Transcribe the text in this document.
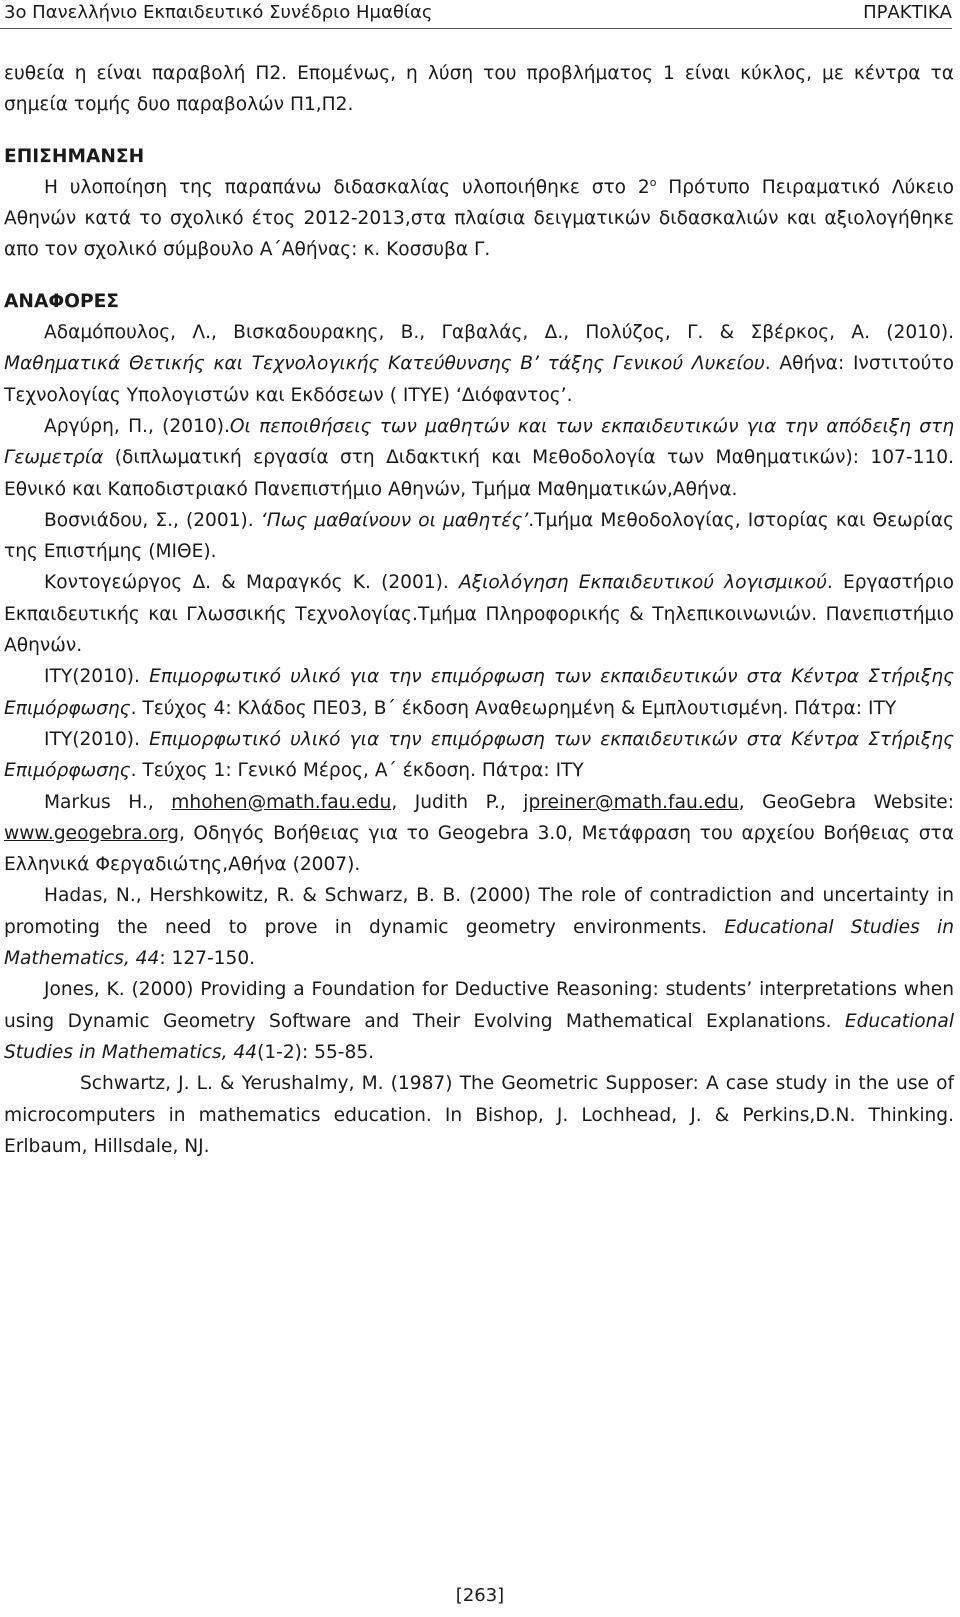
3ο Πανελλήνιο Εκπαιδευτικό Συνέδριο Ημαθίας	ΠΡΑΚΤΙΚΑ

ευθεία η είναι παραβολή Π2. Επομένως, η λύση του προβλήματος 1 είναι κύκλος, με κέντρα τα σημεία τομής δυο παραβολών Π1,Π2.

ΕΠΙΣΗΜΑΝΣΗ

Η υλοποίηση της παραπάνω διδασκαλίας υλοποιήθηκε στο $2^o$ Πρότυπο Πειραματικό Λύκειο Αθηνών κατά το σχολικό έτος 2012-2013,στα πλαίσια δειγματικών διδασκαλιών και αξιολογήθηκε απο τον σχολικό σύμβουλο Α΄Αθήνας: κ. Κοσσυβα Γ.

ΑΝΑΦΟΡΕΣ

Αδαμόπουλος, Λ., Βισκαδουρακης, Β., Γαβαλάς, Δ., Πολύζος, Γ. & Σβέρκος, Α. (2010). Μαθηματικά Θετικής και Τεχνολογικής Κατεύθυνσης Β’ τάξης Γενικού Λυκείου. Αθήνα: Ινστιτούτο Τεχνολογίας Υπολογιστών και Εκδόσεων ( ΙΤΥΕ) ‘Διόφαντος’.

Αργύρη, Π., (2010).Οι πεποιθήσεις των μαθητών και των εκπαιδευτικών για την απόδειξη στη Γεωμετρία (διπλωματική εργασία στη Διδακτική και Μεθοδολογία των Μαθηματικών): 107-110. Εθνικό και Καποδιστριακό Πανεπιστήμιο Αθηνών, Τμήμα Μαθηματικών,Αθήνα.

Βοσνιάδου, Σ., (2001). ‘Πως μαθαίνουν οι μαθητές’.Τμήμα Μεθοδολογίας, Ιστορίας και Θεωρίας της Επιστήμης (ΜΙΘΕ).

Κοντογεώργος Δ. & Μαραγκός Κ. (2001). Αξιολόγηση Εκπαιδευτικού λογισμικού. Εργαστήριο Εκπαιδευτικής και Γλωσσικής Τεχνολογίας.Τμήμα Πληροφορικής & Τηλεπικοινωνιών. Πανεπιστήμιο Αθηνών.

ΙΤΥ(2010). Επιμορφωτικό υλικό για την επιμόρφωση των εκπαιδευτικών στα Κέντρα Στήριξης Επιμόρφωσης. Τεύχος 4: Κλάδος ΠΕ03, Β΄ έκδοση Αναθεωρημένη & Εμπλουτισμένη. Πάτρα: ΙΤΥ

ΙΤΥ(2010). Επιμορφωτικό υλικό για την επιμόρφωση των εκπαιδευτικών στα Κέντρα Στήριξης Επιμόρφωσης. Τεύχος 1: Γενικό Μέρος, Α΄ έκδοση. Πάτρα: ΙΤΥ

Markus H., mhohen@math.fau.edu, Judith P., jpreiner@math.fau.edu, GeoGebra Website: www.geogebra.org, Οδηγός Βοήθειας για το Geogebra 3.0, Μετάφραση του αρχείου Βοήθειας στα Ελληνικά Φεργαδιώτης,Αθήνα (2007).

Hadas, N., Hershkowitz, R. & Schwarz, B. B. (2000) The role of contradiction and uncertainty in promoting the need to prove in dynamic geometry environments. Educational Studies in Mathematics, 44: 127-150.

Jones, K. (2000) Providing a Foundation for Deductive Reasoning: students’ interpretations when using Dynamic Geometry Software and Their Evolving Mathematical Explanations. Educational Studies in Mathematics, 44(1-2): 55-85.

Schwartz, J. L. & Yerushalmy, M. (1987) The Geometric Supposer: A case study in the use of microcomputers in mathematics education. In Bishop, J. Lochhead, J. & Perkins,D.N. Thinking. Erlbaum, Hillsdale, NJ.

[263]
